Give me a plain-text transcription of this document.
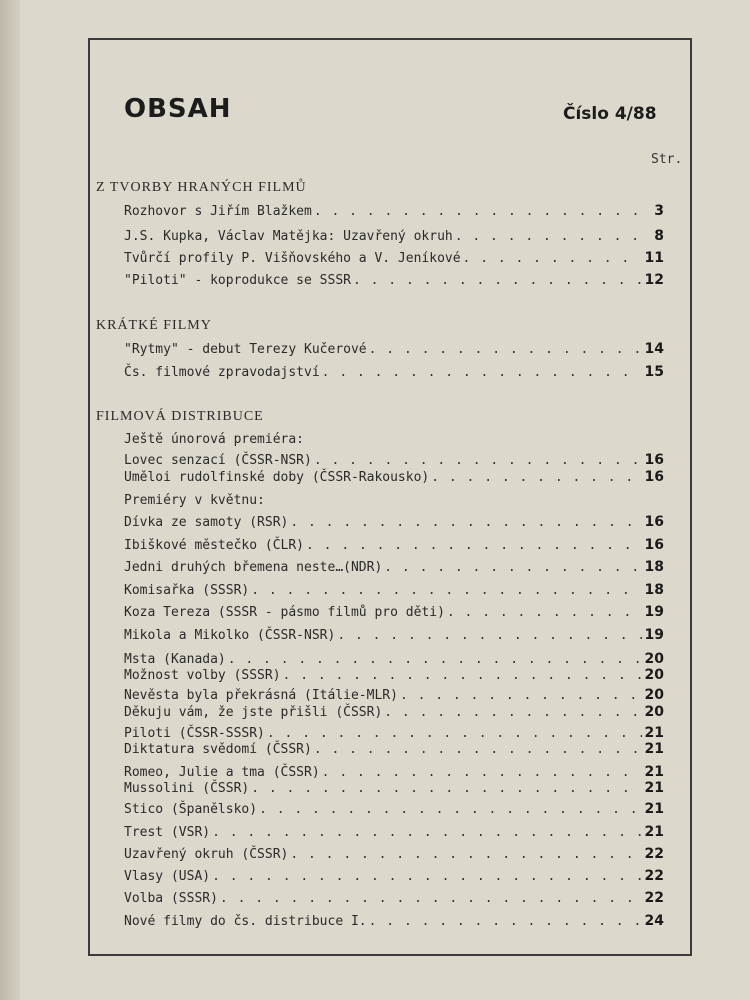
OBSAH	Číslo 4/88
Str.
Z TVORBY HRANÝCH FILMŮ
Rozhovor s Jiřím Blažkem . . .	3
J.S. Kupka, Václav Matějka: Uzavřený okruh . . .	8
Tvůrčí profily P. Višňovského a V. Jeníkové . . .	11
"Piloti" - koprodukce se SSSR . . .	12
KRÁTKÉ FILMY
"Rytmy" - debut Terezy Kučerové . . .	14
Čs. filmové zpravodajství . . .	15
FILMOVÁ DISTRIBUCE
Ještě únorová premiéra:
Lovec senzací (ČSSR-NSR) . . .	16
Uměloi rudolfinské doby (ČSSR-Rakousko) . . .	16
Premiéry v květnu:
Dívka ze samoty (RSR) . . .	16
Ibiškové městečko (ČLR) . . .	16
Jedni druhých břemena neste…(NDR) . . .	18
Komisařka (SSSR) . . .	18
Koza Tereza (SSSR - pásmo filmů pro děti) . . .	19
Mikola a Mikolko (ČSSR-NSR) . . .	19
Msta (Kanada) . . .	20
Možnost volby (SSSR) . . .	20
Nevěsta byla překrásná (Itálie-MLR) . . .	20
Děkuju vám, že jste přišli (ČSSR) . . .	20
Piloti (ČSSR-SSSR) . . .	21
Diktatura svědomí (ČSSR) . . .	21
Romeo, Julie a tma (ČSSR) . . .	21
Mussolini (ČSSR) . . .	21
Stico (Španělsko) . . .	21
Trest (VSR) . . .	21
Uzavřený okruh (ČSSR) . . .	22
Vlasy (USA) . . .	22
Volba (SSSR) . . .	22
Nové filmy do čs. distribuce I. . . .	24
